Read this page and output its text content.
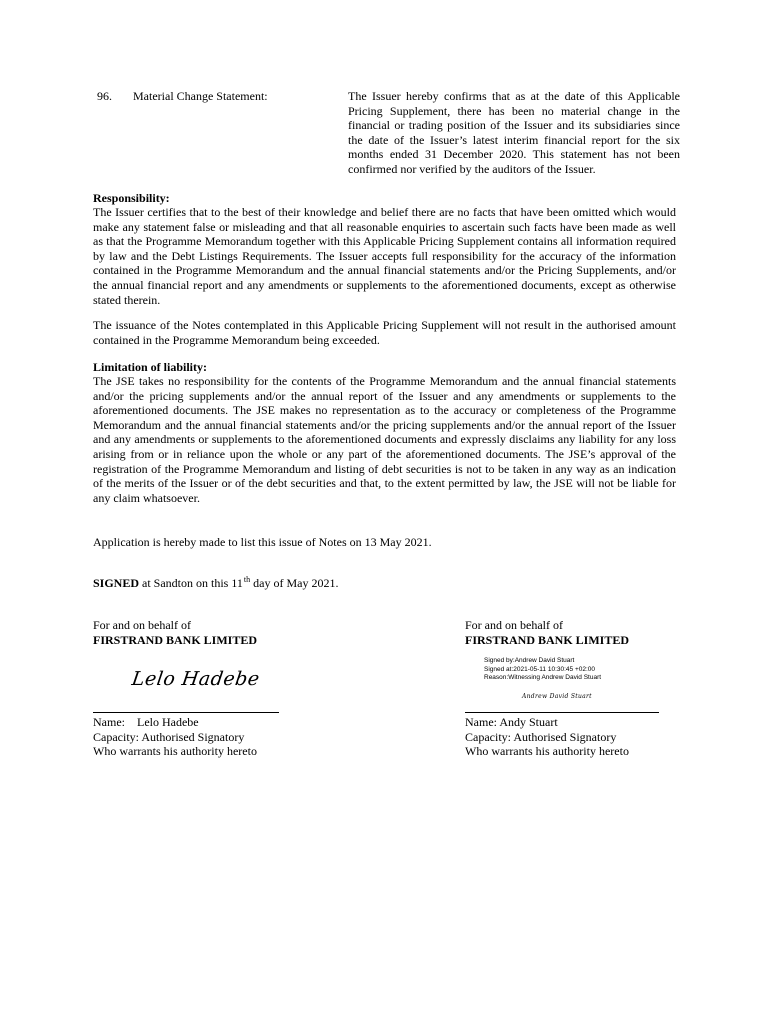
96. Material Change Statement:	The Issuer hereby confirms that as at the date of this Applicable Pricing Supplement, there has been no material change in the financial or trading position of the Issuer and its subsidiaries since the date of the Issuer’s latest interim financial report for the six months ended 31 December 2020. This statement has not been confirmed nor verified by the auditors of the Issuer.
Responsibility:
The Issuer certifies that to the best of their knowledge and belief there are no facts that have been omitted which would make any statement false or misleading and that all reasonable enquiries to ascertain such facts have been made as well as that the Programme Memorandum together with this Applicable Pricing Supplement contains all information required by law and the Debt Listings Requirements. The Issuer accepts full responsibility for the accuracy of the information contained in the Programme Memorandum and the annual financial statements and/or the Pricing Supplements, and/or the annual financial report and any amendments or supplements to the aforementioned documents, except as otherwise stated therein.
The issuance of the Notes contemplated in this Applicable Pricing Supplement will not result in the authorised amount contained in the Programme Memorandum being exceeded.
Limitation of liability:
The JSE takes no responsibility for the contents of the Programme Memorandum and the annual financial statements and/or the pricing supplements and/or the annual report of the Issuer and any amendments or supplements to the aforementioned documents. The JSE makes no representation as to the accuracy or completeness of the Programme Memorandum and the annual financial statements and/or the pricing supplements and/or the annual report of the Issuer and any amendments or supplements to the aforementioned documents and expressly disclaims any liability for any loss arising from or in reliance upon the whole or any part of the aforementioned documents. The JSE’s approval of the registration of the Programme Memorandum and listing of debt securities is not to be taken in any way as an indication of the merits of the Issuer or of the debt securities and that, to the extent permitted by law, the JSE will not be liable for any claim whatsoever.
Application is hereby made to list this issue of Notes on 13 May 2021.
SIGNED at Sandton on this 11th day of May 2021.
For and on behalf of
FIRSTRAND BANK LIMITED
Lelo Hadebe
Name: Lelo Hadebe
Capacity: Authorised Signatory
Who warrants his authority hereto
For and on behalf of
FIRSTRAND BANK LIMITED
Signed by:Andrew David Stuart
Signed at:2021-05-11 10:30:45 +02:00
Reason:Witnessing Andrew David Stuart
Andrew David Stuart
Name: Andy Stuart
Capacity: Authorised Signatory
Who warrants his authority hereto
